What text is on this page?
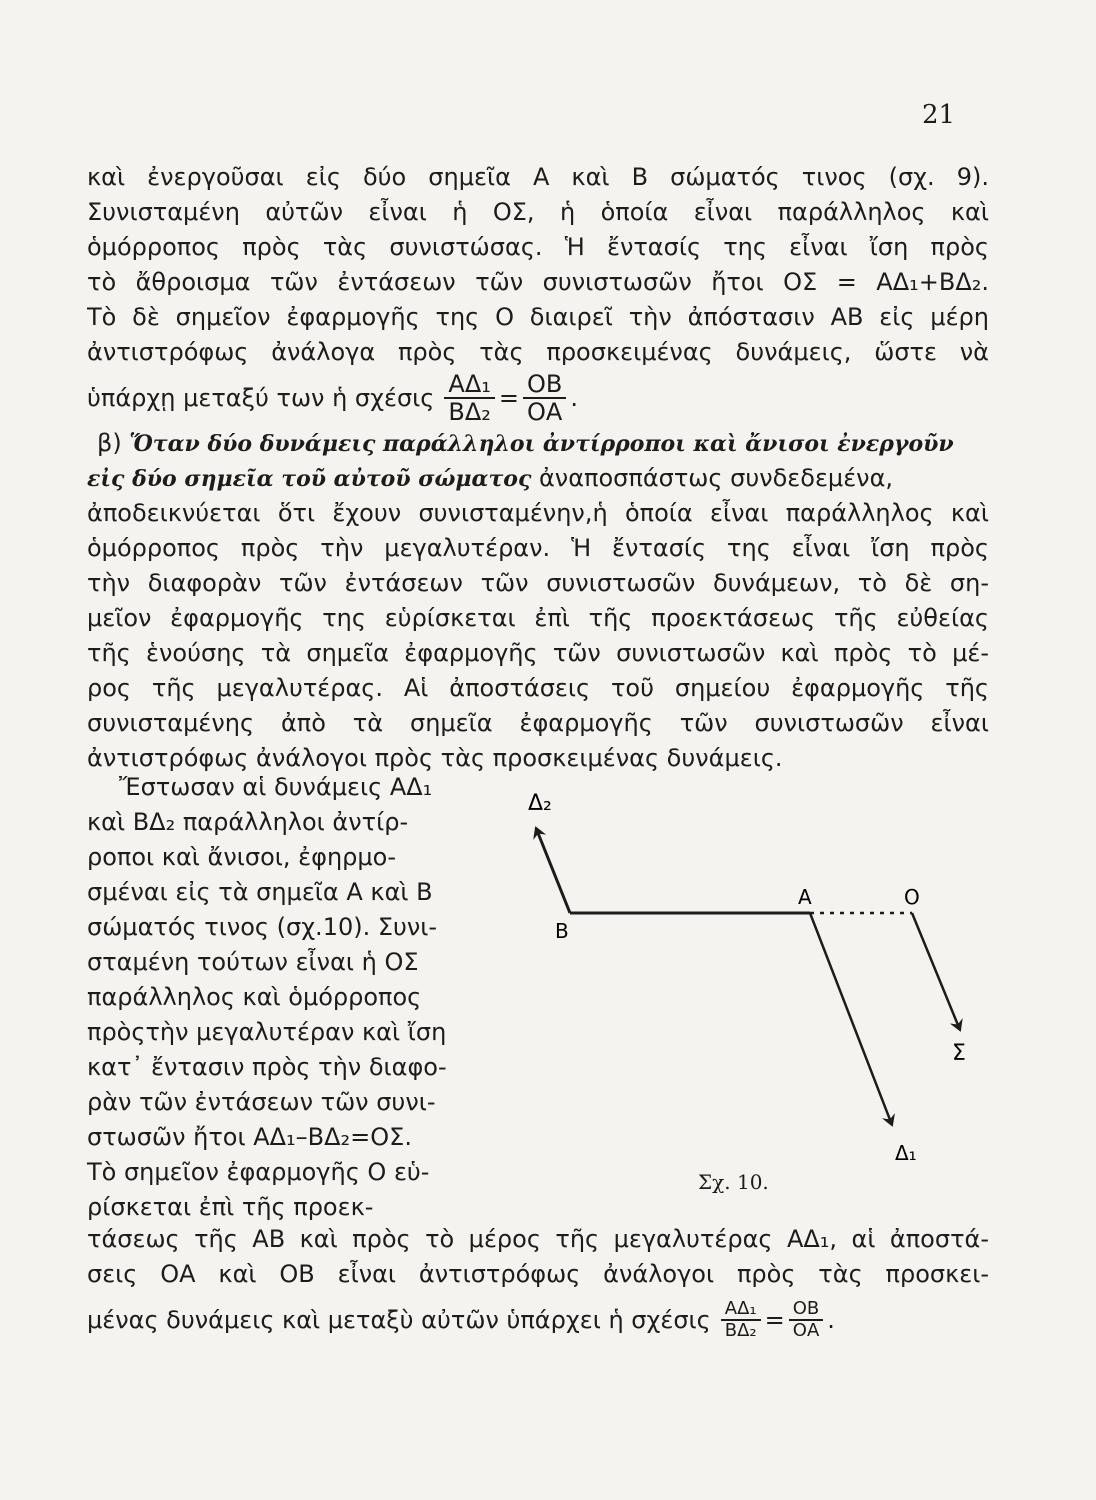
21
καὶ ἐνεργοῦσαι εἰς δύο σημεῖα Α καὶ Β σώματός τινος (σχ. 9).
Συνισταμένη αὐτῶν εἶναι ἡ ΟΣ, ἡ ὁποία εἶναι παράλληλος καὶ
ὁμόρροπος πρὸς τὰς συνιστώσας. Ἡ ἔντασίς της εἶναι ἴση πρὸς
τὸ ἄθροισμα τῶν ἐντάσεων τῶν συνιστωσῶν ἤτοι ΟΣ = ΑΔ₁+ΒΔ₂.
Τὸ δὲ σημεῖον ἐφαρμογῆς της Ο διαιρεῖ τὴν ἀπόστασιν ΑΒ εἰς μέρη
ἀντιστρόφως ἀνάλογα πρὸς τὰς προσκειμένας δυνάμεις, ὥστε νὰ
ὑπάρχῃ μεταξύ των ἡ σχέσις $\frac{\text{ΑΔ₁}}{\text{ΒΔ₂}} = \frac{OB}{OA}$ .
β) Ὅταν δύο δυνάμεις παράλληλοι ἀντίρροποι καὶ ἄνισοι ἐνεργοῦν
εἰς δύο σημεῖα τοῦ αὐτοῦ σώματος ἀναποσπάστως συνδεδεμένα,
ἀποδεικνύεται ὅτι ἔχουν συνισταμένην,ἡ ὁποία εἶναι παράλληλος καὶ
ὁμόρροπος πρὸς τὴν μεγαλυτέραν. Ἡ ἔντασίς της εἶναι ἴση πρὸς
τὴν διαφορὰν τῶν ἐντάσεων τῶν συνιστωσῶν δυνάμεων, τὸ δὲ ση-
μεῖον ἐφαρμογῆς της εὑρίσκεται ἐπὶ τῆς προεκτάσεως τῆς εὐθείας
τῆς ἑνούσης τὰ σημεῖα ἐφαρμογῆς τῶν συνιστωσῶν καὶ πρὸς τὸ μέ-
ρος τῆς μεγαλυτέρας. Αἱ ἀποστάσεις τοῦ σημείου ἐφαρμογῆς τῆς
συνισταμένης ἀπὸ τὰ σημεῖα ἐφαρμογῆς τῶν συνιστωσῶν εἶναι
ἀντιστρόφως ἀνάλογοι πρὸς τὰς προσκειμένας δυνάμεις.
Ἔστωσαν αἱ δυνάμεις ΑΔ₁
καὶ ΒΔ₂ παράλληλοι ἀντίρ-
ροποι καὶ ἄνισοι, ἐφηρμο-
σμέναι εἰς τὰ σημεῖα Α καὶ Β
σώματός τινος (σχ.10). Συνι-
σταμένη τούτων εἶναι ἡ ΟΣ
παράλληλος καὶ ὁμόρροπος
πρὸςτὴν μεγαλυτέραν καὶ ἴση
κατ᾽ ἔντασιν πρὸς τὴν διαφο-
ρὰν τῶν ἐντάσεων τῶν συνι-
στωσῶν ἤτοι ΑΔ₁–ΒΔ₂=ΟΣ.
Τὸ σημεῖον ἐφαρμογῆς Ο εὑ-
ρίσκεται ἐπὶ τῆς προεκ-
Δ₂
Β
Α	Ο
Σ
Δ₁
Σχ. 10.
τάσεως τῆς ΑΒ καὶ πρὸς τὸ μέρος τῆς μεγαλυτέρας ΑΔ₁, αἱ ἀποστά-
σεις ΟΑ καὶ ΟΒ εἶναι ἀντιστρόφως ἀνάλογοι πρὸς τὰς προσκει-
μένας δυνάμεις καὶ μεταξὺ αὐτῶν ὑπάρχει ἡ σχέσις $\frac{\text{ΑΔ₁}}{\text{ΒΔ₂}} = \frac{OB}{OA}$ .
